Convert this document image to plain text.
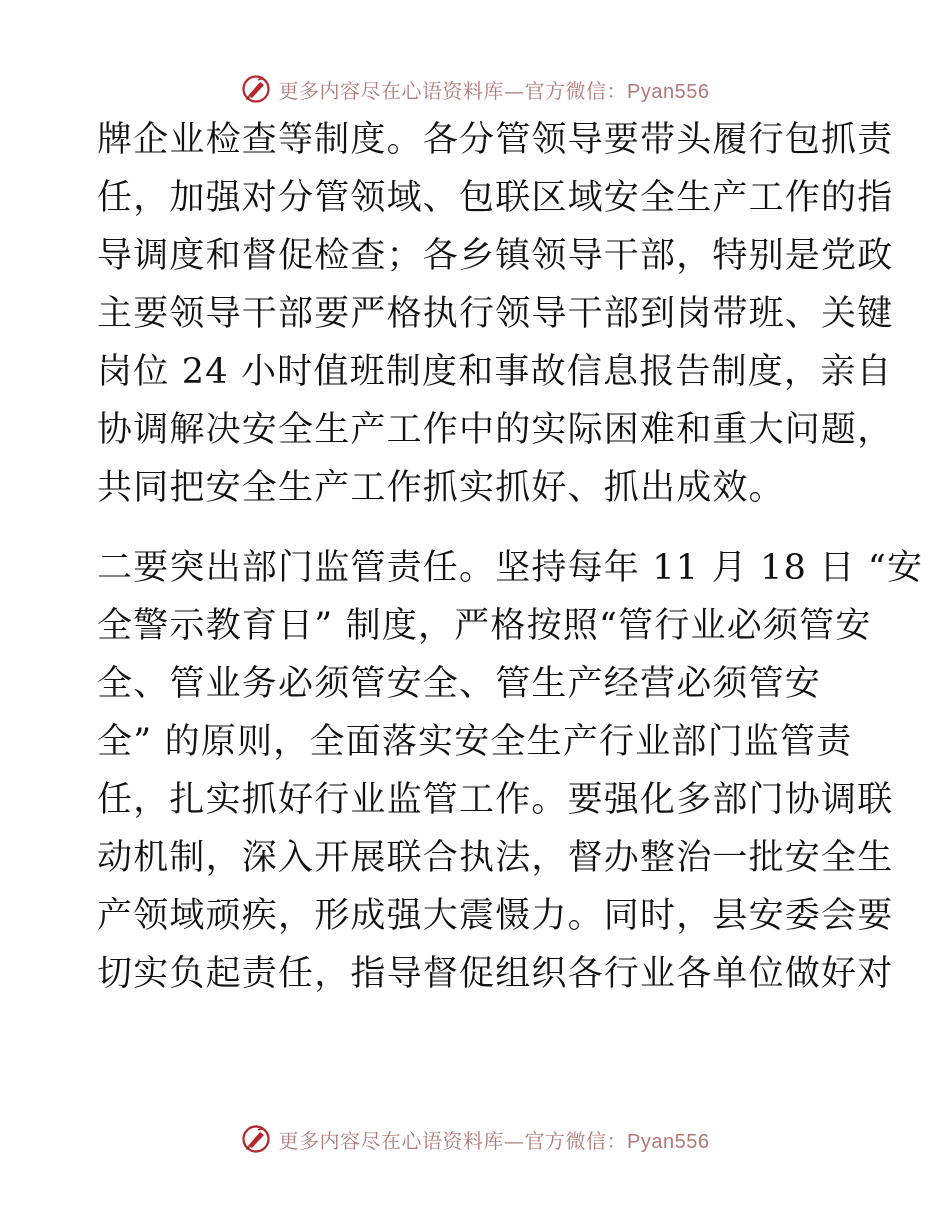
更多内容尽在心语资料库—官方微信：Pyan556
牌企业检查等制度。各分管领导要带头履行包抓责
任，加强对分管领域、包联区域安全生产工作的指
导调度和督促检查；各乡镇领导干部，特别是党政
主要领导干部要严格执行领导干部到岗带班、关键
岗位 24 小时值班制度和事故信息报告制度，亲自
协调解决安全生产工作中的实际困难和重大问题，
共同把安全生产工作抓实抓好、抓出成效。
二要突出部门监管责任。坚持每年 11 月 18 日 “安
全警示教育日” 制度，严格按照“管行业必须管安
全、管业务必须管安全、管生产经营必须管安
全” 的原则，全面落实安全生产行业部门监管责
任，扎实抓好行业监管工作。要强化多部门协调联
动机制，深入开展联合执法，督办整治一批安全生
产领域顽疾，形成强大震慑力。同时，县安委会要
切实负起责任，指导督促组织各行业各单位做好对
更多内容尽在心语资料库—官方微信：Pyan556
